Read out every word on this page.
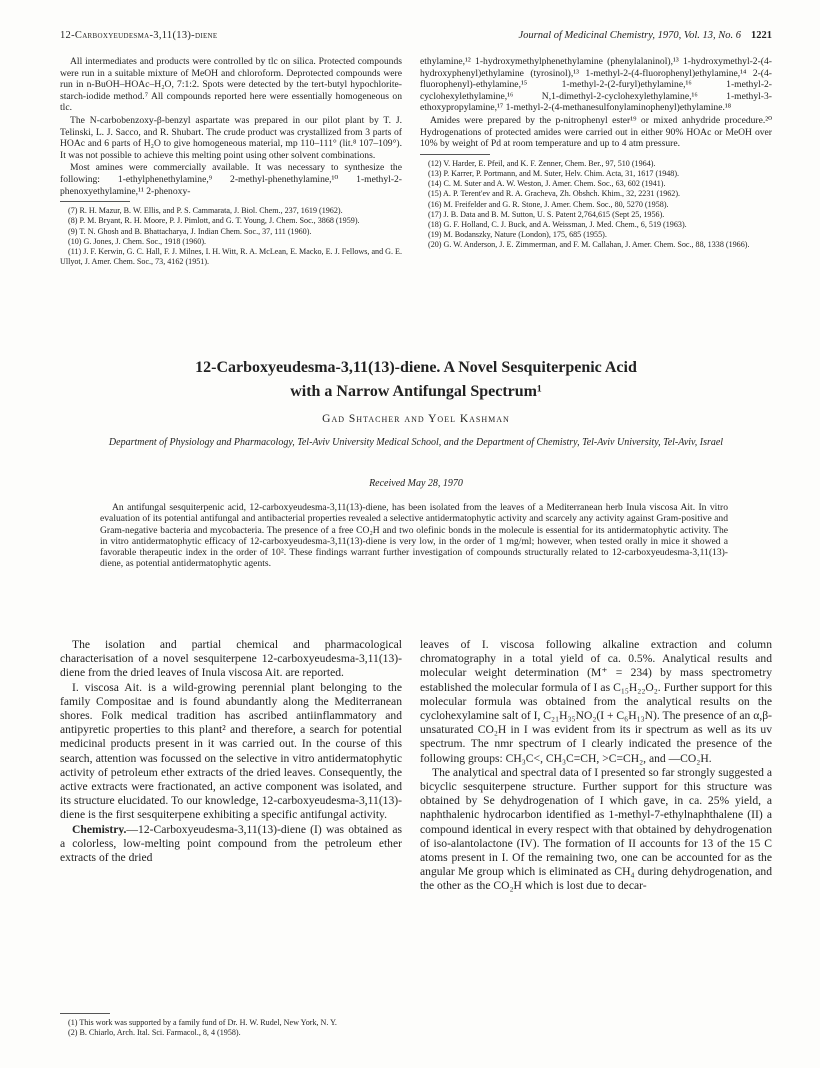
12-Carboxyeudesma-3,11(13)-diene	Journal of Medicinal Chemistry, 1970, Vol. 13, No. 6 1221

All intermediates and products were controlled by tlc on silica. Protected compounds were run in a suitable mixture of MeOH and chloroform. Deprotected compounds were run in n-BuOH–HOAc–H₂O, 7:1:2. Spots were detected by the tert-butyl hypochlorite-starch-iodide method.⁷ All compounds reported here were essentially homogeneous on tlc.

The N-carbobenzoxy-β-benzyl aspartate was prepared in our pilot plant by T. J. Telinski, L. J. Sacco, and R. Shubart. The crude product was crystallized from 3 parts of HOAc and 6 parts of H₂O to give homogeneous material, mp 110–111° (lit.⁸ 107–109°). It was not possible to achieve this melting point using other solvent combinations.

Most amines were commercially available. It was necessary to synthesize the following: 1-ethylphenethylamine,⁹ 2-methyl-phenethylamine,¹⁰ 1-methyl-2-phenoxyethylamine,¹¹ 2-phenoxy-

(7) R. H. Mazur, B. W. Ellis, and P. S. Cammarata, J. Biol. Chem., 237, 1619 (1962).
(8) P. M. Bryant, R. H. Moore, P. J. Pimlott, and G. T. Young, J. Chem. Soc., 3868 (1959).
(9) T. N. Ghosh and B. Bhattacharya, J. Indian Chem. Soc., 37, 111 (1960).
(10) G. Jones, J. Chem. Soc., 1918 (1960).
(11) J. F. Kerwin, G. C. Hall, F. J. Milnes, I. H. Witt, R. A. McLean, E. Macko, E. J. Fellows, and G. E. Ullyot, J. Amer. Chem. Soc., 73, 4162 (1951).

ethylamine,¹² 1-hydroxymethylphenethylamine (phenylalaninol),¹³ 1-hydroxymethyl-2-(4-hydroxyphenyl)ethylamine (tyrosinol),¹³ 1-methyl-2-(4-fluorophenyl)ethylamine,¹⁴ 2-(4-fluorophenyl)-ethylamine,¹⁵ 1-methyl-2-(2-furyl)ethylamine,¹⁶ 1-methyl-2-cyclohexylethylamine,¹⁶ N,1-dimethyl-2-cyclohexylethylamine,¹⁶ 1-methyl-3-ethoxypropylamine,¹⁷ 1-methyl-2-(4-methanesulfonylaminophenyl)ethylamine.¹⁸

Amides were prepared by the p-nitrophenyl ester¹⁹ or mixed anhydride procedure.²⁰ Hydrogenations of protected amides were carried out in either 90% HOAc or MeOH over 10% by weight of Pd at room temperature and up to 4 atm pressure.

(12) V. Harder, E. Pfeil, and K. F. Zenner, Chem. Ber., 97, 510 (1964).
(13) P. Karrer, P. Portmann, and M. Suter, Helv. Chim. Acta, 31, 1617 (1948).
(14) C. M. Suter and A. W. Weston, J. Amer. Chem. Soc., 63, 602 (1941).
(15) A. P. Terent'ev and R. A. Gracheva, Zh. Obshch. Khim., 32, 2231 (1962).
(16) M. Freifelder and G. R. Stone, J. Amer. Chem. Soc., 80, 5270 (1958).
(17) J. B. Data and B. M. Sutton, U. S. Patent 2,764,615 (Sept 25, 1956).
(18) G. F. Holland, C. J. Buck, and A. Weissman, J. Med. Chem., 6, 519 (1963).
(19) M. Bodanszky, Nature (London), 175, 685 (1955).
(20) G. W. Anderson, J. E. Zimmerman, and F. M. Callahan, J. Amer. Chem. Soc., 88, 1338 (1966).
12-Carboxyeudesma-3,11(13)-diene. A Novel Sesquiterpenic Acid
with a Narrow Antifungal Spectrum¹
Gad Shtacher and Yoel Kashman
Department of Physiology and Pharmacology, Tel-Aviv University Medical School, and the Department of Chemistry, Tel-Aviv University, Tel-Aviv, Israel
Received May 28, 1970
An antifungal sesquiterpenic acid, 12-carboxyeudesma-3,11(13)-diene, has been isolated from the leaves of a Mediterranean herb Inula viscosa Ait. In vitro evaluation of its potential antifungal and antibacterial properties revealed a selective antidermatophytic activity and scarcely any activity against Gram-positive and Gram-negative bacteria and mycobacteria. The presence of a free CO₂H and two olefinic bonds in the molecule is essential for its antidermatophytic activity. The in vitro antidermatophytic efficacy of 12-carboxyeudesma-3,11(13)-diene is very low, in the order of 1 mg/ml; however, when tested orally in mice it showed a favorable therapeutic index in the order of 10². These findings warrant further investigation of compounds structurally related to 12-carboxyeudesma-3,11(13)-diene, as potential antidermatophytic agents.

The isolation and partial chemical and pharmacological characterisation of a novel sesquiterpene 12-carboxyeudesma-3,11(13)-diene from the dried leaves of Inula viscosa Ait. are reported.

I. viscosa Ait. is a wild-growing perennial plant belonging to the family Compositae and is found abundantly along the Mediterranean shores. Folk medical tradition has ascribed antiinflammatory and antipyretic properties to this plant² and therefore, a search for potential medicinal products present in it was carried out. In the course of this search, attention was focussed on the selective in vitro antidermatophytic activity of petroleum ether extracts of the dried leaves. Consequently, the active extracts were fractionated, an active component was isolated, and its structure elucidated. To our knowledge, 12-carboxyeudesma-3,11(13)-diene is the first sesquiterpene exhibiting a specific antifungal activity.

Chemistry.—12-Carboxyeudesma-3,11(13)-diene (I) was obtained as a colorless, low-melting point compound from the petroleum ether extracts of the dried

(1) This work was supported by a family fund of Dr. H. W. Rudel, New York, N. Y.
(2) B. Chiarlo, Arch. Ital. Sci. Farmacol., 8, 4 (1958).

leaves of I. viscosa following alkaline extraction and column chromatography in a total yield of ca. 0.5%. Analytical results and molecular weight determination (M⁺ = 234) by mass spectrometry established the molecular formula of I as C₁₅H₂₂O₂. Further support for this molecular formula was obtained from the analytical results on the cyclohexylamine salt of I, C₂₁H₃₅NO₂(I + C₆H₁₃N). The presence of an α,β-unsaturated CO₂H in I was evident from its ir spectrum as well as its uv spectrum. The nmr spectrum of I clearly indicated the presence of the following groups: CH₃C<, CH₃C=CH, >C=CH₂, and —CO₂H.

The analytical and spectral data of I presented so far strongly suggested a bicyclic sesquiterpene structure. Further support for this structure was obtained by Se dehydrogenation of I which gave, in ca. 25% yield, a naphthalenic hydrocarbon identified as 1-methyl-7-ethylnaphthalene (II) a compound identical in every respect with that obtained by dehydrogenation of iso-alantolactone (IV). The formation of II accounts for 13 of the 15 C atoms present in I. Of the remaining two, one can be accounted for as the angular Me group which is eliminated as CH₄ during dehydrogenation, and the other as the CO₂H which is lost due to decar-
